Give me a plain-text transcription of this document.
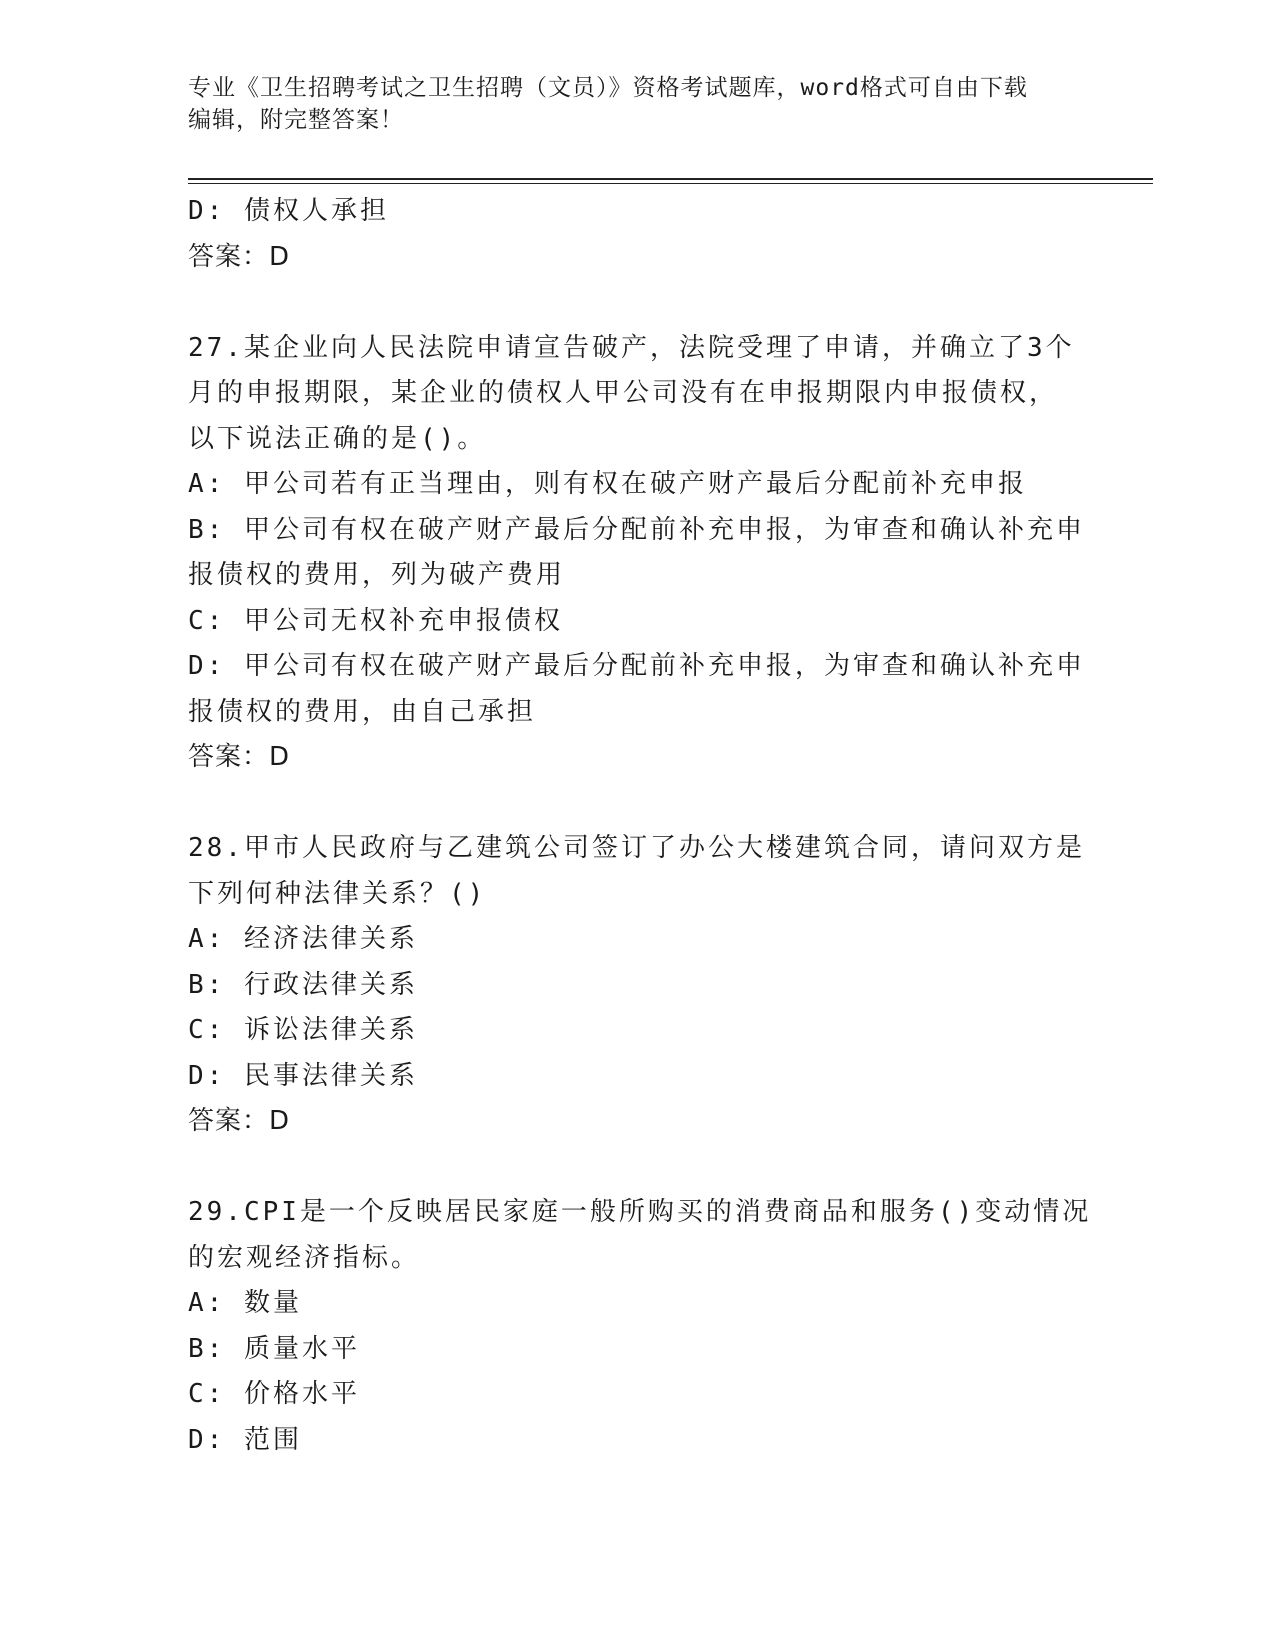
专业《卫生招聘考试之卫生招聘（文员）》资格考试题库，word格式可自由下载
编辑，附完整答案！
D: 债权人承担
答案：D
27.某企业向人民法院申请宣告破产，法院受理了申请，并确立了3个
月的申报期限，某企业的债权人甲公司没有在申报期限内申报债权，
以下说法正确的是()。
A: 甲公司若有正当理由，则有权在破产财产最后分配前补充申报
B: 甲公司有权在破产财产最后分配前补充申报，为审查和确认补充申
报债权的费用，列为破产费用
C: 甲公司无权补充申报债权
D: 甲公司有权在破产财产最后分配前补充申报，为审查和确认补充申
报债权的费用，由自己承担
答案：D
28.甲市人民政府与乙建筑公司签订了办公大楼建筑合同，请问双方是
下列何种法律关系？()
A: 经济法律关系
B: 行政法律关系
C: 诉讼法律关系
D: 民事法律关系
答案：D
29.CPI是一个反映居民家庭一般所购买的消费商品和服务()变动情况
的宏观经济指标。
A: 数量
B: 质量水平
C: 价格水平
D: 范围
